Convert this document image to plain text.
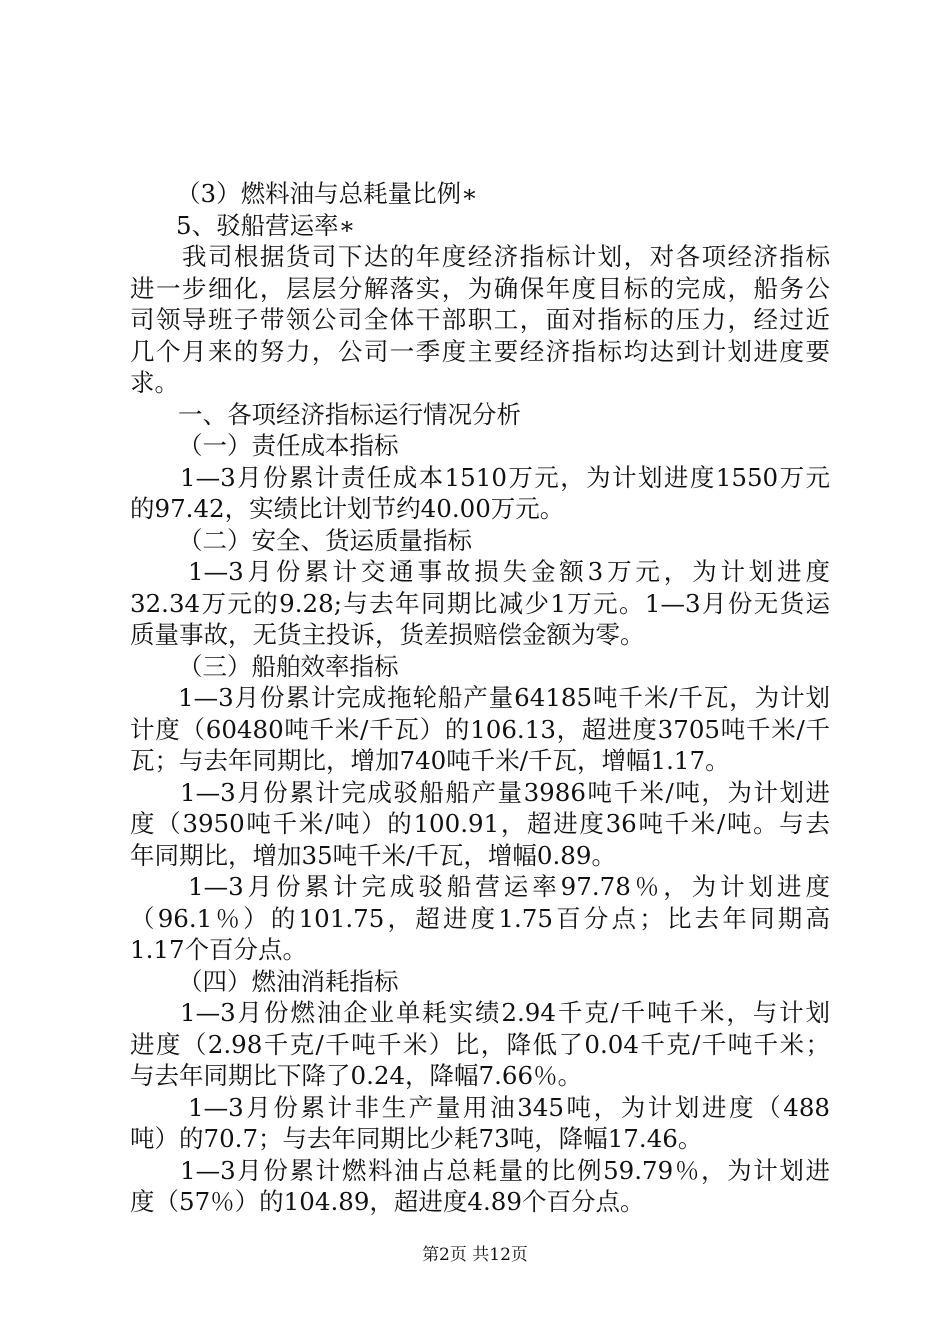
（3）燃料油与总耗量比例∗
5、驳船营运率∗
我司根据货司下达的年度经济指标计划，对各项经济指标
进一步细化，层层分解落实，为确保年度目标的完成，船务公
司领导班子带领公司全体干部职工，面对指标的压力，经过近
几个月来的努力，公司一季度主要经济指标均达到计划进度要
求。
一、各项经济指标运行情况分析
（一）责任成本指标
1—3月份累计责任成本1510万元，为计划进度1550万元
的97.42，实绩比计划节约40.00万元。
（二）安全、货运质量指标
1—3月份累计交通事故损失金额3万元，为计划进度
32.34万元的9.28;与去年同期比减少1万元。1—3月份无货运
质量事故，无货主投诉，货差损赔偿金额为零。
（三）船舶效率指标
1—3月份累计完成拖轮船产量64185吨千米/千瓦，为计划
计度（60480吨千米/千瓦）的106.13，超进度3705吨千米/千
瓦；与去年同期比，增加740吨千米/千瓦，增幅1.17。
1—3月份累计完成驳船船产量3986吨千米/吨，为计划进
度（3950吨千米/吨）的100.91，超进度36吨千米/吨。与去
年同期比，增加35吨千米/千瓦，增幅0.89。
1—3月份累计完成驳船营运率97.78％，为计划进度
（96.1％）的101.75，超进度1.75百分点；比去年同期高
1.17个百分点。
（四）燃油消耗指标
1—3月份燃油企业单耗实绩2.94千克/千吨千米，与计划
进度（2.98千克/千吨千米）比，降低了0.04千克/千吨千米；
与去年同期比下降了0.24，降幅7.66％。
1—3月份累计非生产量用油345吨，为计划进度（488
吨）的70.7；与去年同期比少耗73吨，降幅17.46。
1—3月份累计燃料油占总耗量的比例59.79％，为计划进
度（57％）的104.89，超进度4.89个百分点。
第2页 共12页
